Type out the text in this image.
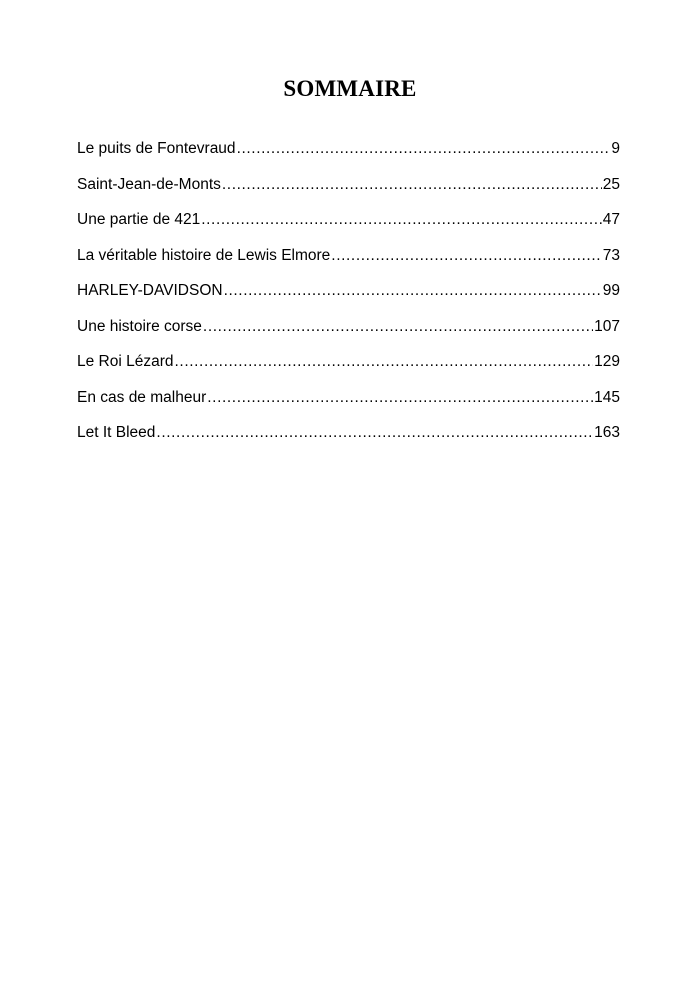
SOMMAIRE
Le puits de Fontevraud .....	9
Saint-Jean-de-Monts .....	25
Une partie de 421 .....	47
La véritable histoire de Lewis Elmore .....	73
HARLEY-DAVIDSON .....	99
Une histoire corse .....	107
Le Roi Lézard .....	129
En cas de malheur .....	145
Let It Bleed .....	163
